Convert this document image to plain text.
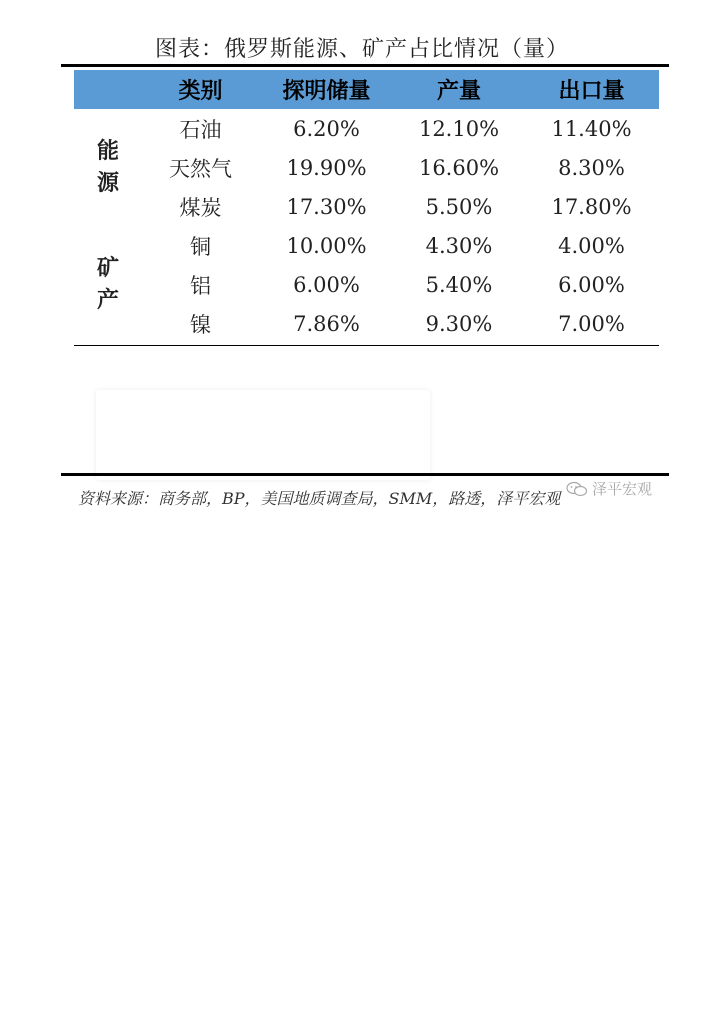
图表：俄罗斯能源、矿产占比情况（量）
	类别	探明储量	产量	出口量

能
源	石油	6.20%	12.10%	11.40%
	天然气	19.90%	16.60%	8.30%
	煤炭	17.30%	5.50%	17.80%

矿
产	铜	10.00%	4.30%	4.00%
	铝	6.00%	5.40%	6.00%
	镍	7.86%	9.30%	7.00%
资料来源：商务部，BP，美国地质调查局，SMM，路透，泽平宏观 泽平宏观
